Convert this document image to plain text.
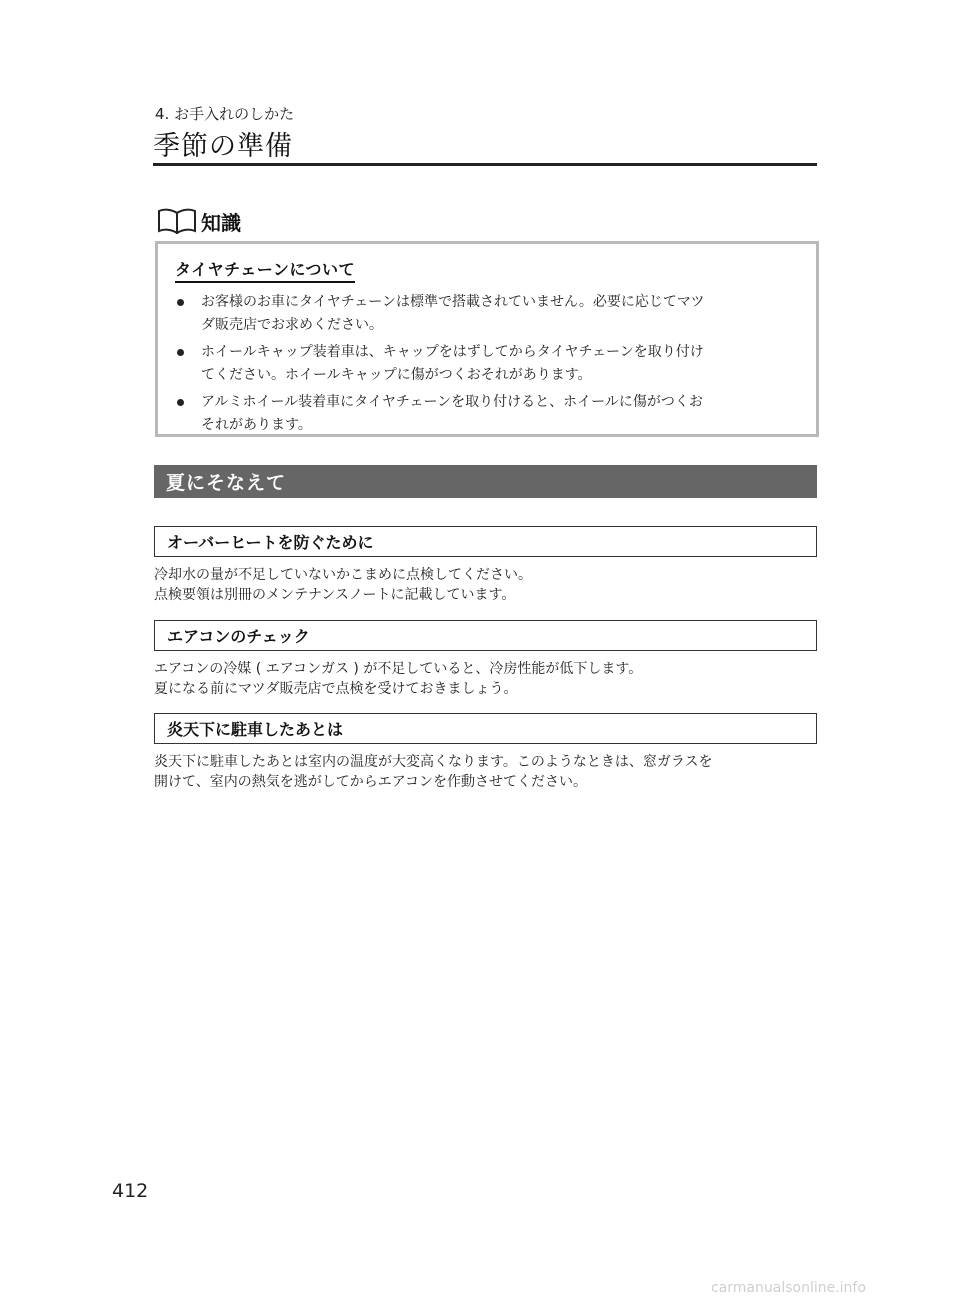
4. お手入れのしかた
季節の準備
知識
タイヤチェーンについて
お客様のお車にタイヤチェーンは標準で搭載されていません。必要に応じてマツ
ダ販売店でお求めください。
ホイールキャップ装着車は、キャップをはずしてからタイヤチェーンを取り付け
てください。ホイールキャップに傷がつくおそれがあります。
アルミホイール装着車にタイヤチェーンを取り付けると、ホイールに傷がつくお
それがあります。
夏にそなえて
オーバーヒートを防ぐために

冷却水の量が不足していないかこまめに点検してください。

点検要領は別冊のメンテナンスノートに記載しています。

エアコンのチェック

エアコンの冷媒 ( エアコンガス ) が不足していると、冷房性能が低下します。

夏になる前にマツダ販売店で点検を受けておきましょう。

炎天下に駐車したあとは

炎天下に駐車したあとは室内の温度が大変高くなります。このようなときは、窓ガラスを

開けて、室内の熱気を逃がしてからエアコンを作動させてください。

412
carmanualsonline.info
